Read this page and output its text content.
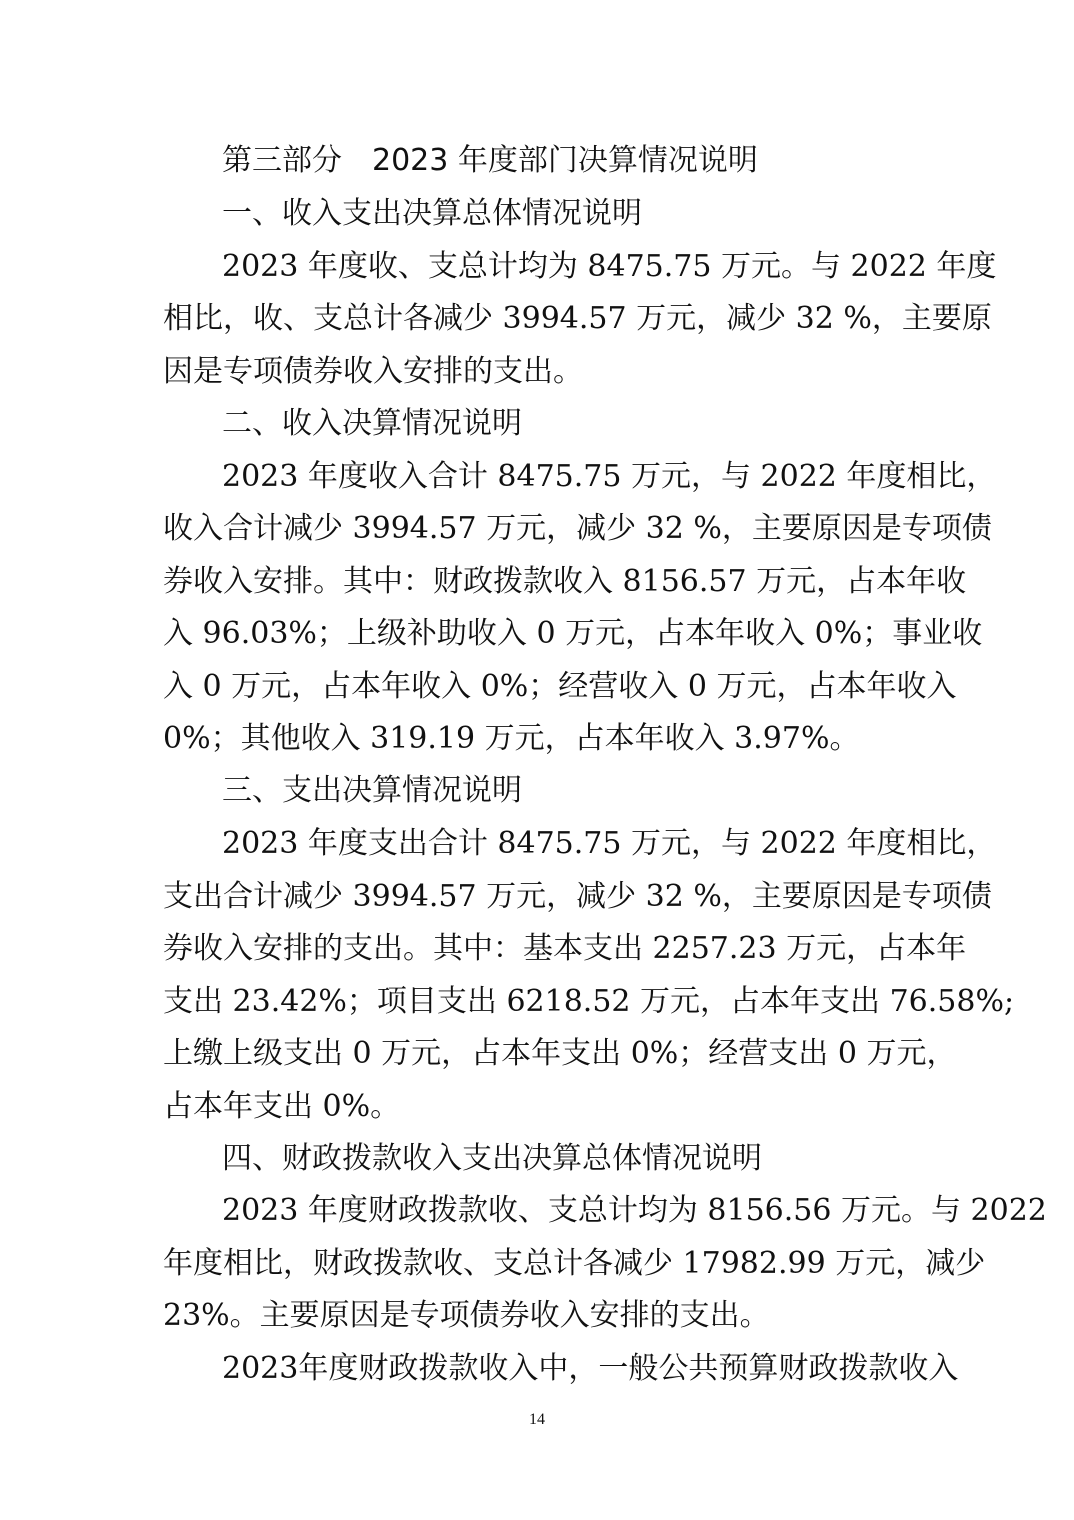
第三部分　2023 年度部门决算情况说明
一、收入支出决算总体情况说明
2023 年度收、支总计均为 8475.75 万元。与 2022 年度
相比，收、支总计各减少 3994.57 万元，减少 32 %，主要原
因是专项债券收入安排的支出。
二、收入决算情况说明
2023 年度收入合计 8475.75 万元，与 2022 年度相比，
收入合计减少 3994.57 万元，减少 32 %，主要原因是专项债
券收入安排。其中：财政拨款收入 8156.57 万元，占本年收
入 96.03%；上级补助收入 0 万元，占本年收入 0%；事业收
入 0 万元，占本年收入 0%；经营收入 0 万元，占本年收入
0%；其他收入 319.19 万元，占本年收入 3.97%。
三、支出决算情况说明
2023 年度支出合计 8475.75 万元，与 2022 年度相比，
支出合计减少 3994.57 万元，减少 32 %，主要原因是专项债
券收入安排的支出。其中：基本支出 2257.23 万元，占本年
支出 23.42%；项目支出 6218.52 万元，占本年支出 76.58%;
上缴上级支出 0 万元，占本年支出 0%；经营支出 0 万元，
占本年支出 0%。
四、财政拨款收入支出决算总体情况说明
2023 年度财政拨款收、支总计均为 8156.56 万元。与 2022
年度相比，财政拨款收、支总计各减少 17982.99 万元，减少
23%。主要原因是专项债券收入安排的支出。
2023年度财政拨款收入中，一般公共预算财政拨款收入
14
